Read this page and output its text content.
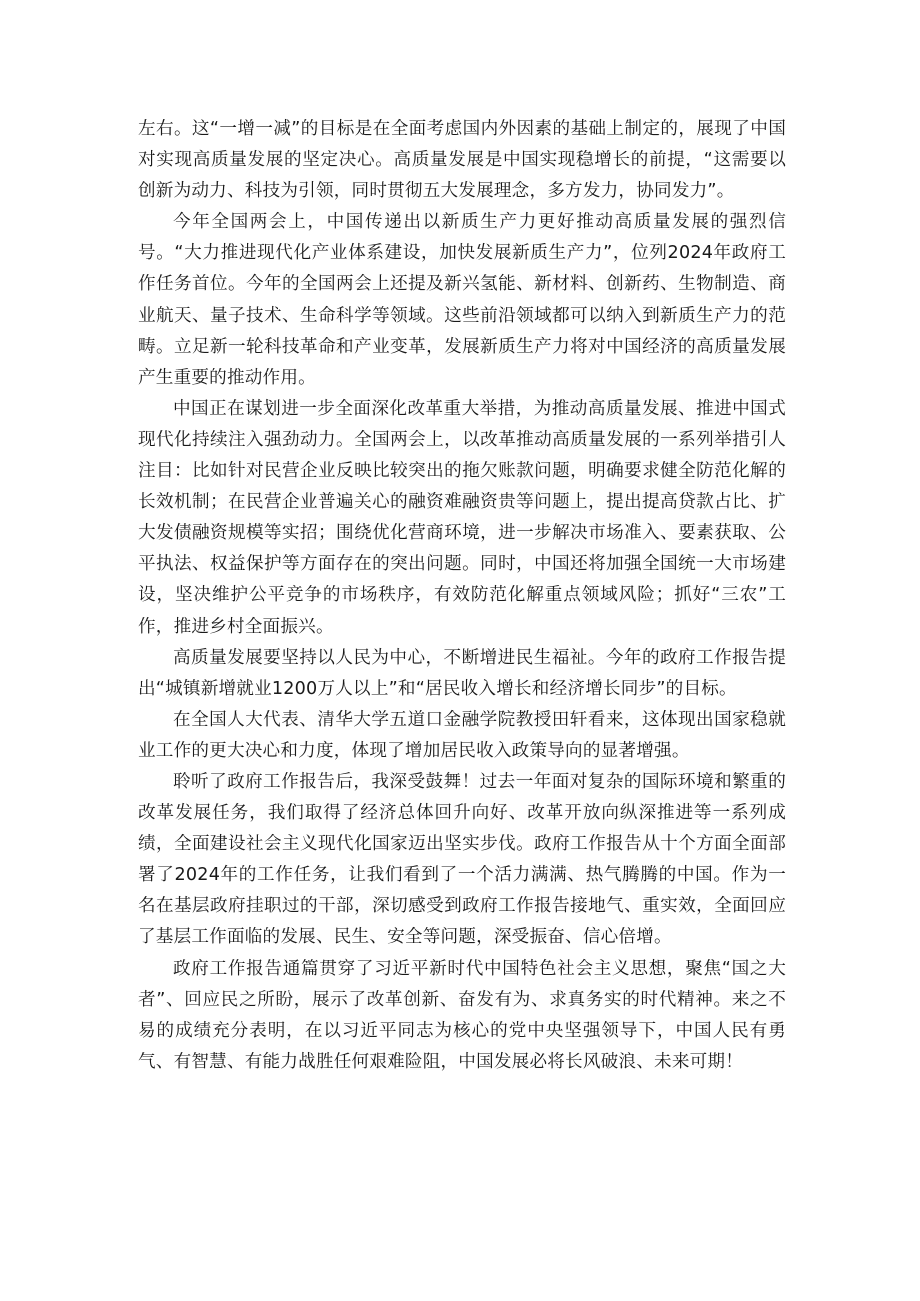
左右。这“一增一减”的目标是在全面考虑国内外因素的基础上制定的，展现了中国对实现高质量发展的坚定决心。高质量发展是中国实现稳增长的前提，“这需要以创新为动力、科技为引领，同时贯彻五大发展理念，多方发力，协同发力”。

今年全国两会上，中国传递出以新质生产力更好推动高质量发展的强烈信号。“大力推进现代化产业体系建设，加快发展新质生产力”，位列2024年政府工作任务首位。今年的全国两会上还提及新兴氢能、新材料、创新药、生物制造、商业航天、量子技术、生命科学等领域。这些前沿领域都可以纳入到新质生产力的范畴。立足新一轮科技革命和产业变革，发展新质生产力将对中国经济的高质量发展产生重要的推动作用。

中国正在谋划进一步全面深化改革重大举措，为推动高质量发展、推进中国式现代化持续注入强劲动力。全国两会上，以改革推动高质量发展的一系列举措引人注目：比如针对民营企业反映比较突出的拖欠账款问题，明确要求健全防范化解的长效机制；在民营企业普遍关心的融资难融资贵等问题上，提出提高贷款占比、扩大发债融资规模等实招；围绕优化营商环境，进一步解决市场准入、要素获取、公平执法、权益保护等方面存在的突出问题。同时，中国还将加强全国统一大市场建设，坚决维护公平竞争的市场秩序，有效防范化解重点领域风险；抓好“三农”工作，推进乡村全面振兴。

高质量发展要坚持以人民为中心，不断增进民生福祉。今年的政府工作报告提出“城镇新增就业1200万人以上”和“居民收入增长和经济增长同步”的目标。

在全国人大代表、清华大学五道口金融学院教授田轩看来，这体现出国家稳就业工作的更大决心和力度，体现了增加居民收入政策导向的显著增强。

聆听了政府工作报告后，我深受鼓舞！过去一年面对复杂的国际环境和繁重的改革发展任务，我们取得了经济总体回升向好、改革开放向纵深推进等一系列成绩，全面建设社会主义现代化国家迈出坚实步伐。政府工作报告从十个方面全面部署了2024年的工作任务，让我们看到了一个活力满满、热气腾腾的中国。作为一名在基层政府挂职过的干部，深切感受到政府工作报告接地气、重实效，全面回应了基层工作面临的发展、民生、安全等问题，深受振奋、信心倍增。

政府工作报告通篇贯穿了习近平新时代中国特色社会主义思想，聚焦“国之大者”、回应民之所盼，展示了改革创新、奋发有为、求真务实的时代精神。来之不易的成绩充分表明，在以习近平同志为核心的党中央坚强领导下，中国人民有勇气、有智慧、有能力战胜任何艰难险阻，中国发展必将长风破浪、未来可期！
